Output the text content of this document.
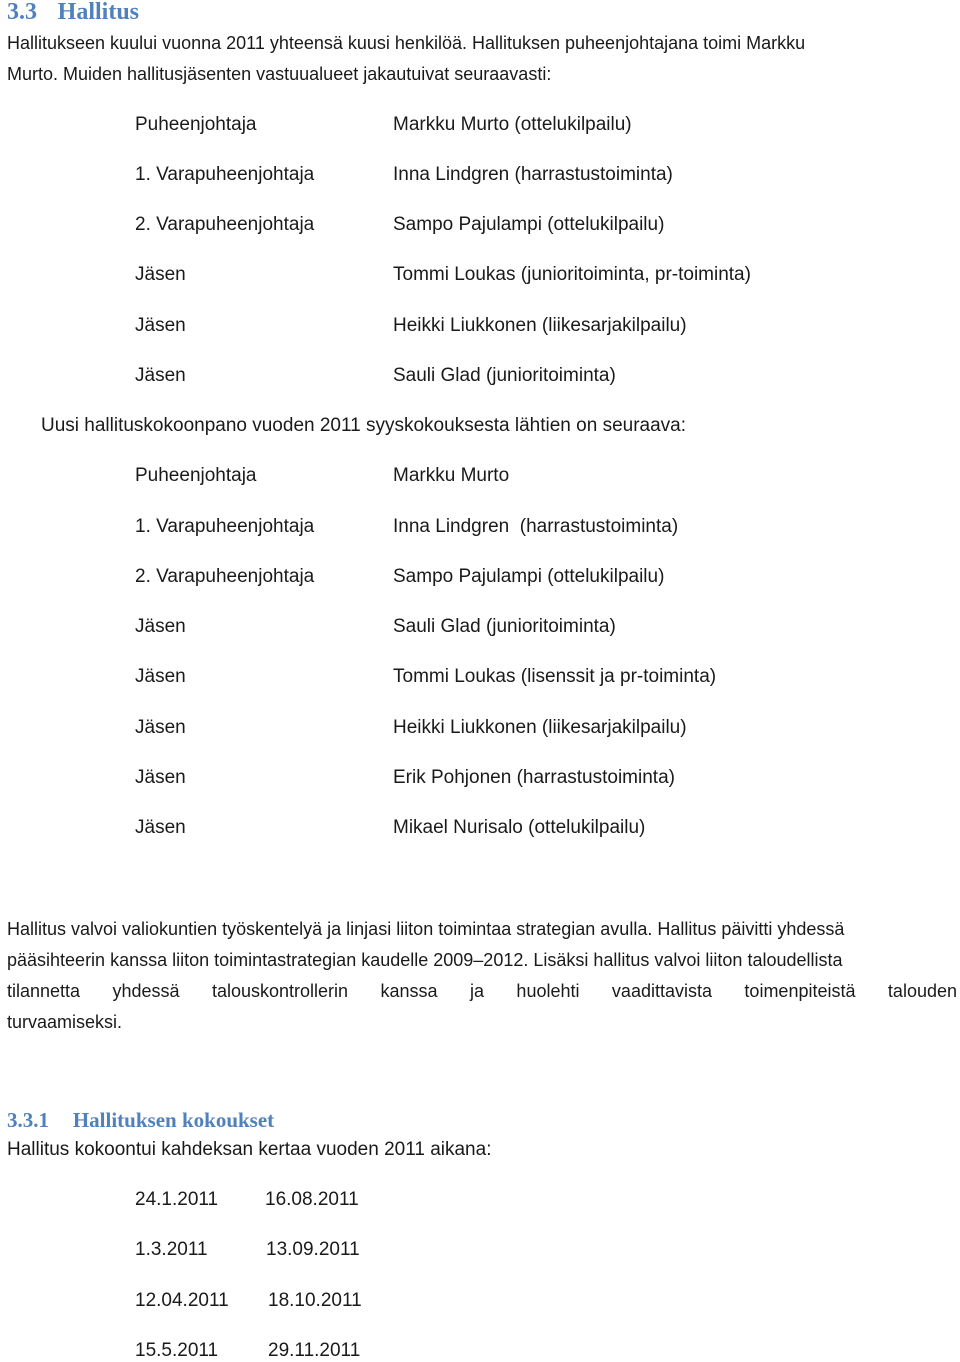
3.3 Hallitus
Hallitukseen kuului vuonna 2011 yhteensä kuusi henkilöä. Hallituksen puheenjohtajana toimi Markku
Murto. Muiden hallitusjäsenten vastuualueet jakautuivat seuraavasti:
Puheenjohtaja	Markku Murto (ottelukilpailu)
1. Varapuheenjohtaja	Inna Lindgren (harrastustoiminta)
2. Varapuheenjohtaja	Sampo Pajulampi (ottelukilpailu)
Jäsen	Tommi Loukas (junioritoiminta, pr-toiminta)
Jäsen	Heikki Liukkonen (liikesarjakilpailu)
Jäsen	Sauli Glad (junioritoiminta)
Uusi hallituskokoonpano vuoden 2011 syyskokouksesta lähtien on seuraava:
Puheenjohtaja	Markku Murto
1. Varapuheenjohtaja	Inna Lindgren  (harrastustoiminta)
2. Varapuheenjohtaja	Sampo Pajulampi (ottelukilpailu)
Jäsen	Sauli Glad (junioritoiminta)
Jäsen	Tommi Loukas (lisenssit ja pr-toiminta)
Jäsen	Heikki Liukkonen (liikesarjakilpailu)
Jäsen	Erik Pohjonen (harrastustoiminta)
Jäsen	Mikael Nurisalo (ottelukilpailu)
Hallitus valvoi valiokuntien työskentelyä ja linjasi liiton toimintaa strategian avulla. Hallitus päivitti yhdessä
pääsihteerin kanssa liiton toimintastrategian kaudelle 2009–2012. Lisäksi hallitus valvoi liiton taloudellista
tilannetta yhdessä talouskontrollerin kanssa ja huolehti vaadittavista toimenpiteistä talouden
turvaamiseksi.
3.3.1 Hallituksen kokoukset
Hallitus kokoontui kahdeksan kertaa vuoden 2011 aikana:
24.1.2011 16.08.2011
1.3.2011	13.09.2011
12.04.2011 18.10.2011
15.5.2011	29.11.2011
